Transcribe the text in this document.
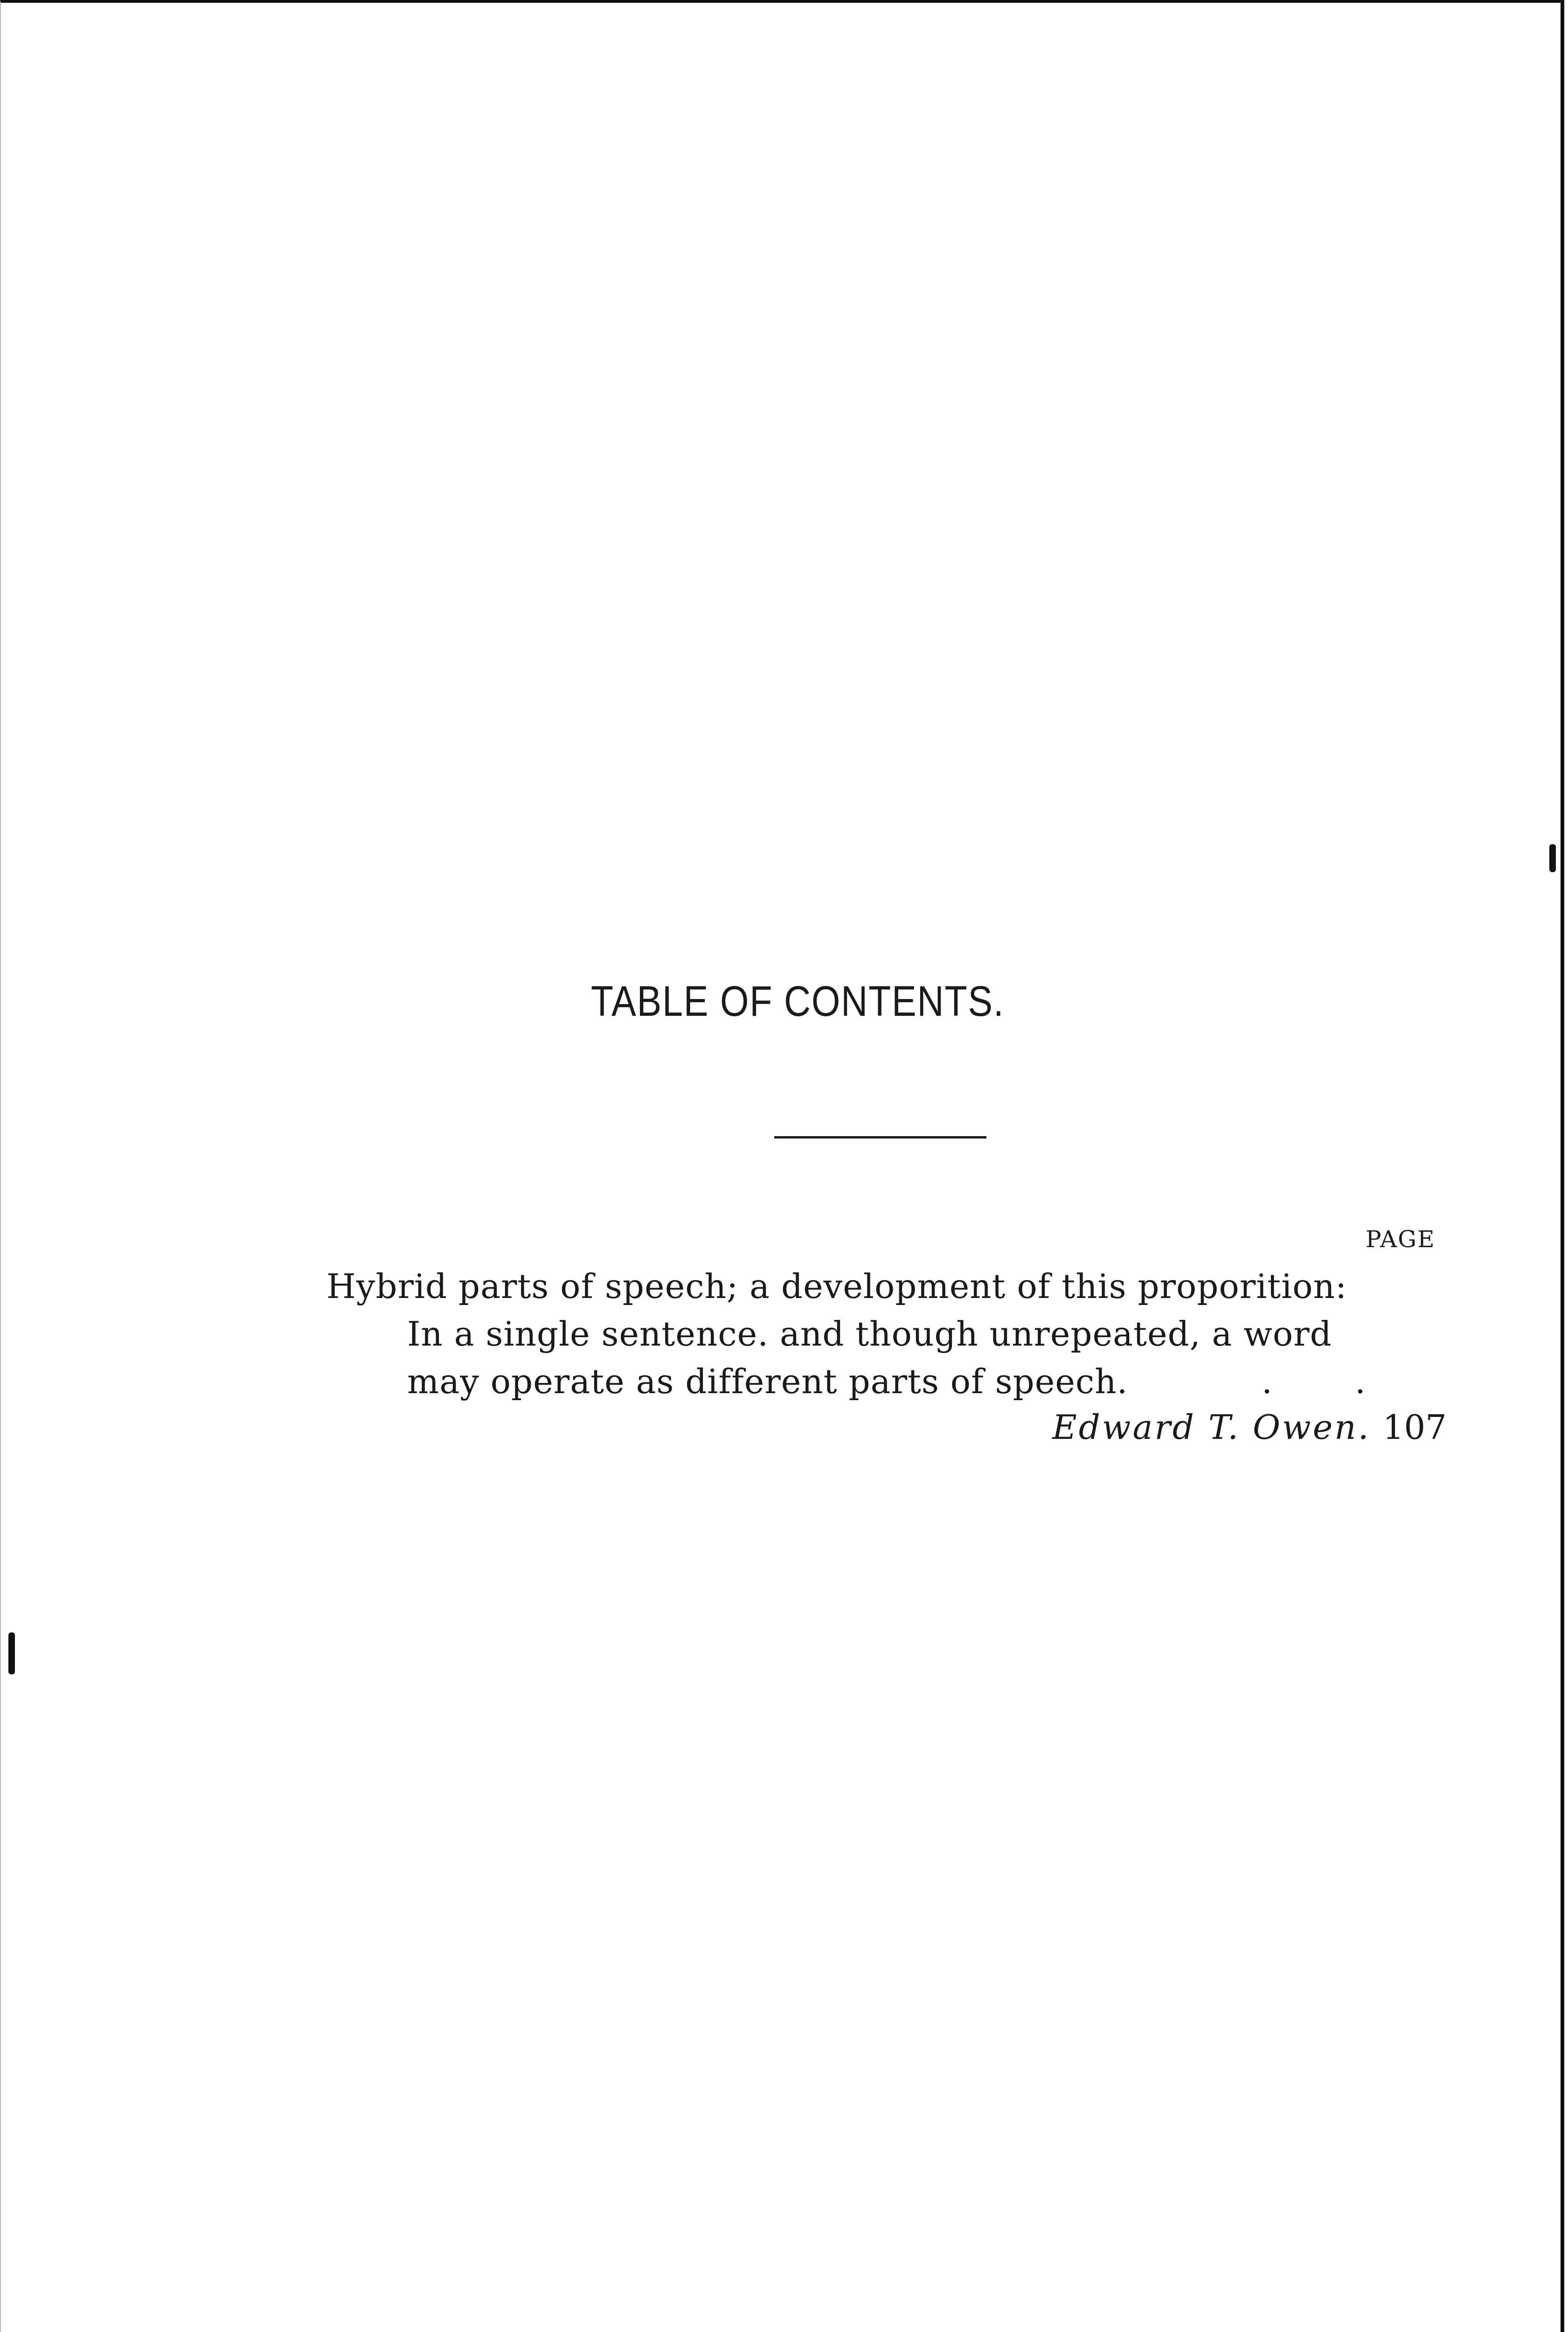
TABLE OF CONTENTS.
PAGE
Hybrid parts of speech; a development of this proporition:
In a single sentence. and though unrepeated, a word
may operate as different parts of speech.	. .
Edward T. Owen. 107
